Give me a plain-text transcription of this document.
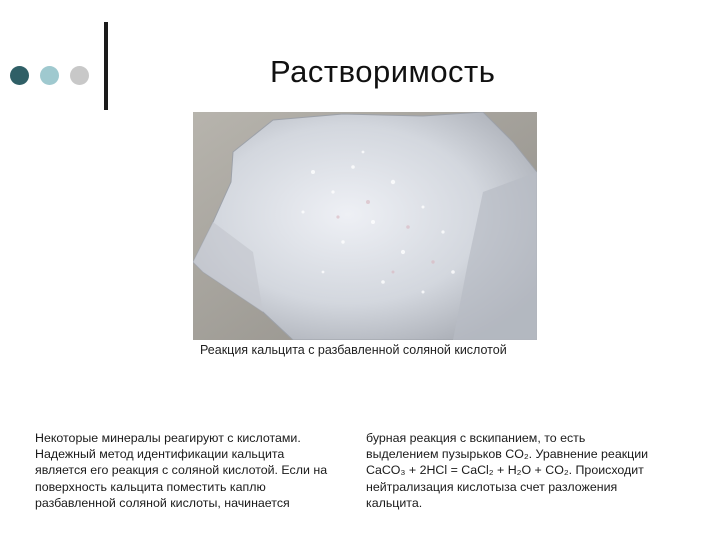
Растворимость
Реакция кальцита с разбавленной соляной кислотой
Некоторые минералы реагируют с кислотами.
Надежный метод идентификации кальцита
является его реакция с соляной кислотой. Если на
поверхность кальцита поместить каплю
разбавленной соляной кислоты, начинается
бурная реакция с вскипанием, то есть
выделением пузырьков CO₂. Уравнение реакции
CaCO₃ + 2HCl = CaCl₂ + H₂O + CO₂. Происходит
нейтрализация кислотыза счет разложения
кальцита.
